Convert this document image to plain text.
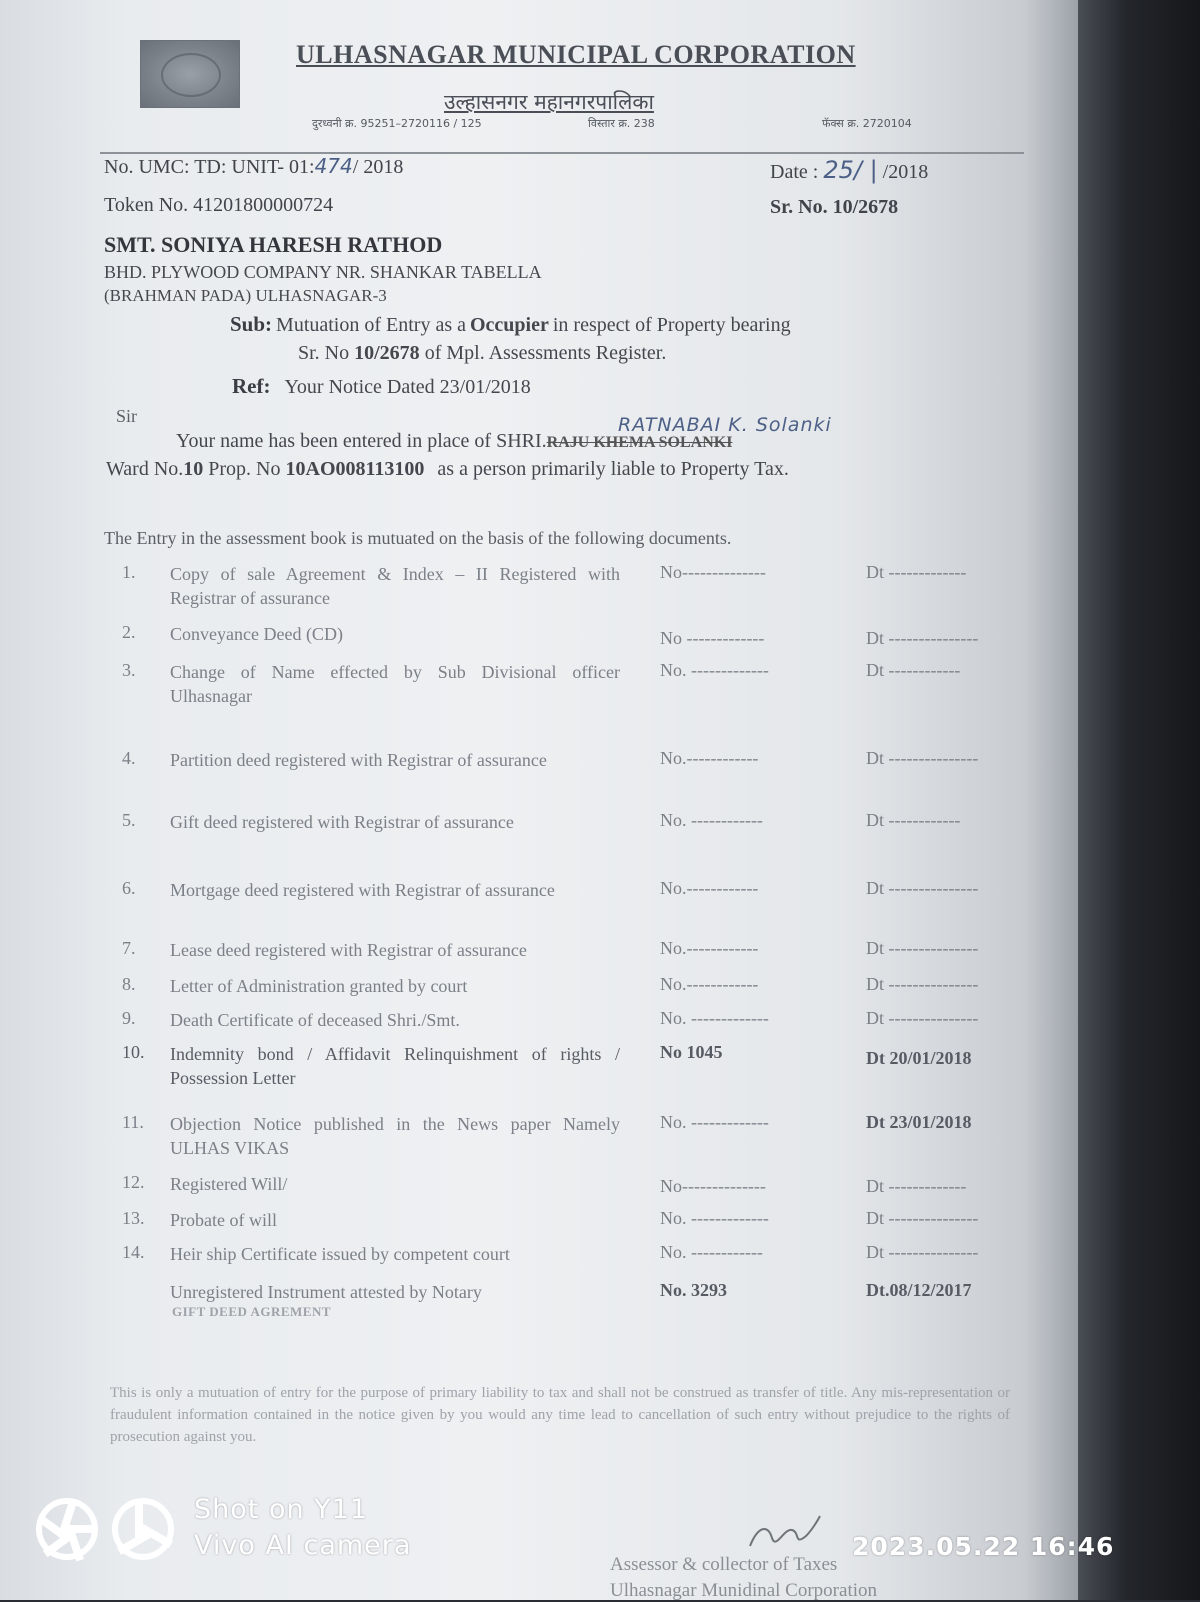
ULHASNAGAR MUNICIPAL CORPORATION
उल्हासनगर महानगरपालिका
दुरध्वनी क्र. 95251–2720116 / 125	विस्तार क्र. 238	फॅक्स क्र. 2720104
No. UMC: TD: UNIT- 01:474/ 2018	Date : 25/ | /2018
Token No. 41201800000724	Sr. No. 10/2678
SMT. SONIYA HARESH RATHOD
BHD. PLYWOOD COMPANY NR. SHANKAR TABELLA
(BRAHMAN PADA) ULHASNAGAR-3
Sub: Mutuation of Entry as a Occupier in respect of Property bearing
Sr. No 10/2678 of Mpl. Assessments Register.
Ref: Your Notice Dated 23/01/2018
Sir	RATNABAI K. Solanki
Your name has been entered in place of SHRI.RAJU KHEMA SOLANKI
Ward No.10 Prop. No 10AO008113100 as a person primarily liable to Property Tax.
The Entry in the assessment book is mutuated on the basis of the following documents.
1. Copy of sale Agreement & Index – II Registered with Registrar of assurance
No--------------	Dt -------------
2. Conveyance Deed (CD)	No -------------	Dt ---------------
3. Change of Name effected by Sub Divisional officer Ulhasnagar
No. -------------	Dt ------------
4. Partition deed registered with Registrar of assurance	No.------------	Dt ---------------
5. Gift deed registered with Registrar of assurance	No. ------------	Dt ------------
6. Mortgage deed registered with Registrar of assurance	No.------------	Dt ---------------
7. Lease deed registered with Registrar of assurance	No.------------	Dt ---------------
8. Letter of Administration granted by court	No.------------	Dt ---------------
9. Death Certificate of deceased Shri./Smt.	No. -------------	Dt ---------------
10. Indemnity bond / Affidavit Relinquishment of rights / Possession Letter
No 1045	Dt 20/01/2018
11. Objection Notice published in the News paper Namely ULHAS VIKAS
No. -------------	Dt 23/01/2018
12. Registered Will/	No--------------	Dt -------------
13. Probate of will	No. -------------	Dt ---------------
14. Heir ship Certificate issued by competent court	No. ------------	Dt ---------------
Unregistered Instrument attested by Notary
GIFT DEED AGREMENT
No. 3293	Dt.08/12/2017
This is only a mutuation of entry for the purpose of primary liability to tax and shall not be construed as transfer of title. Any mis-representation or fraudulent information contained in the notice given by you would any time lead to cancellation of such entry without prejudice to the rights of prosecution against you.
Assessor & collector of Taxes
Ulhasnagar Munidinal Corporation
Shot on Y11
Vivo AI camera	2023.05.22 16:46
